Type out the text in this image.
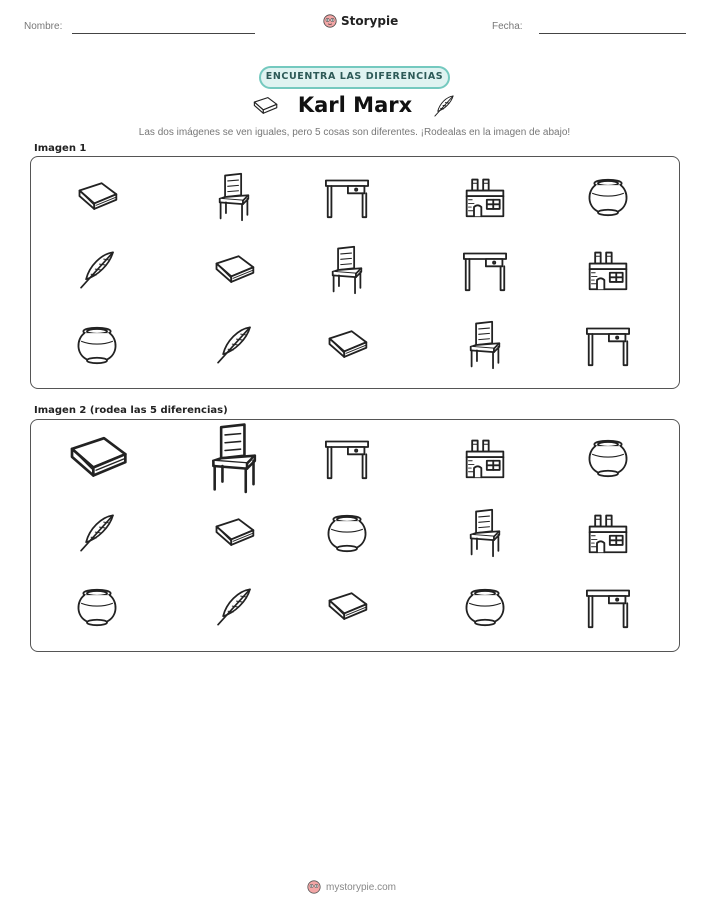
Nombre:	Storypie	Fecha:
ENCUENTRA LAS DIFERENCIAS
Karl Marx
Las dos imágenes se ven iguales, pero 5 cosas son diferentes. ¡Rodealas en la imagen de abajo!
Imagen 1
Imagen 2 (rodea las 5 diferencias)
mystorypie.com
